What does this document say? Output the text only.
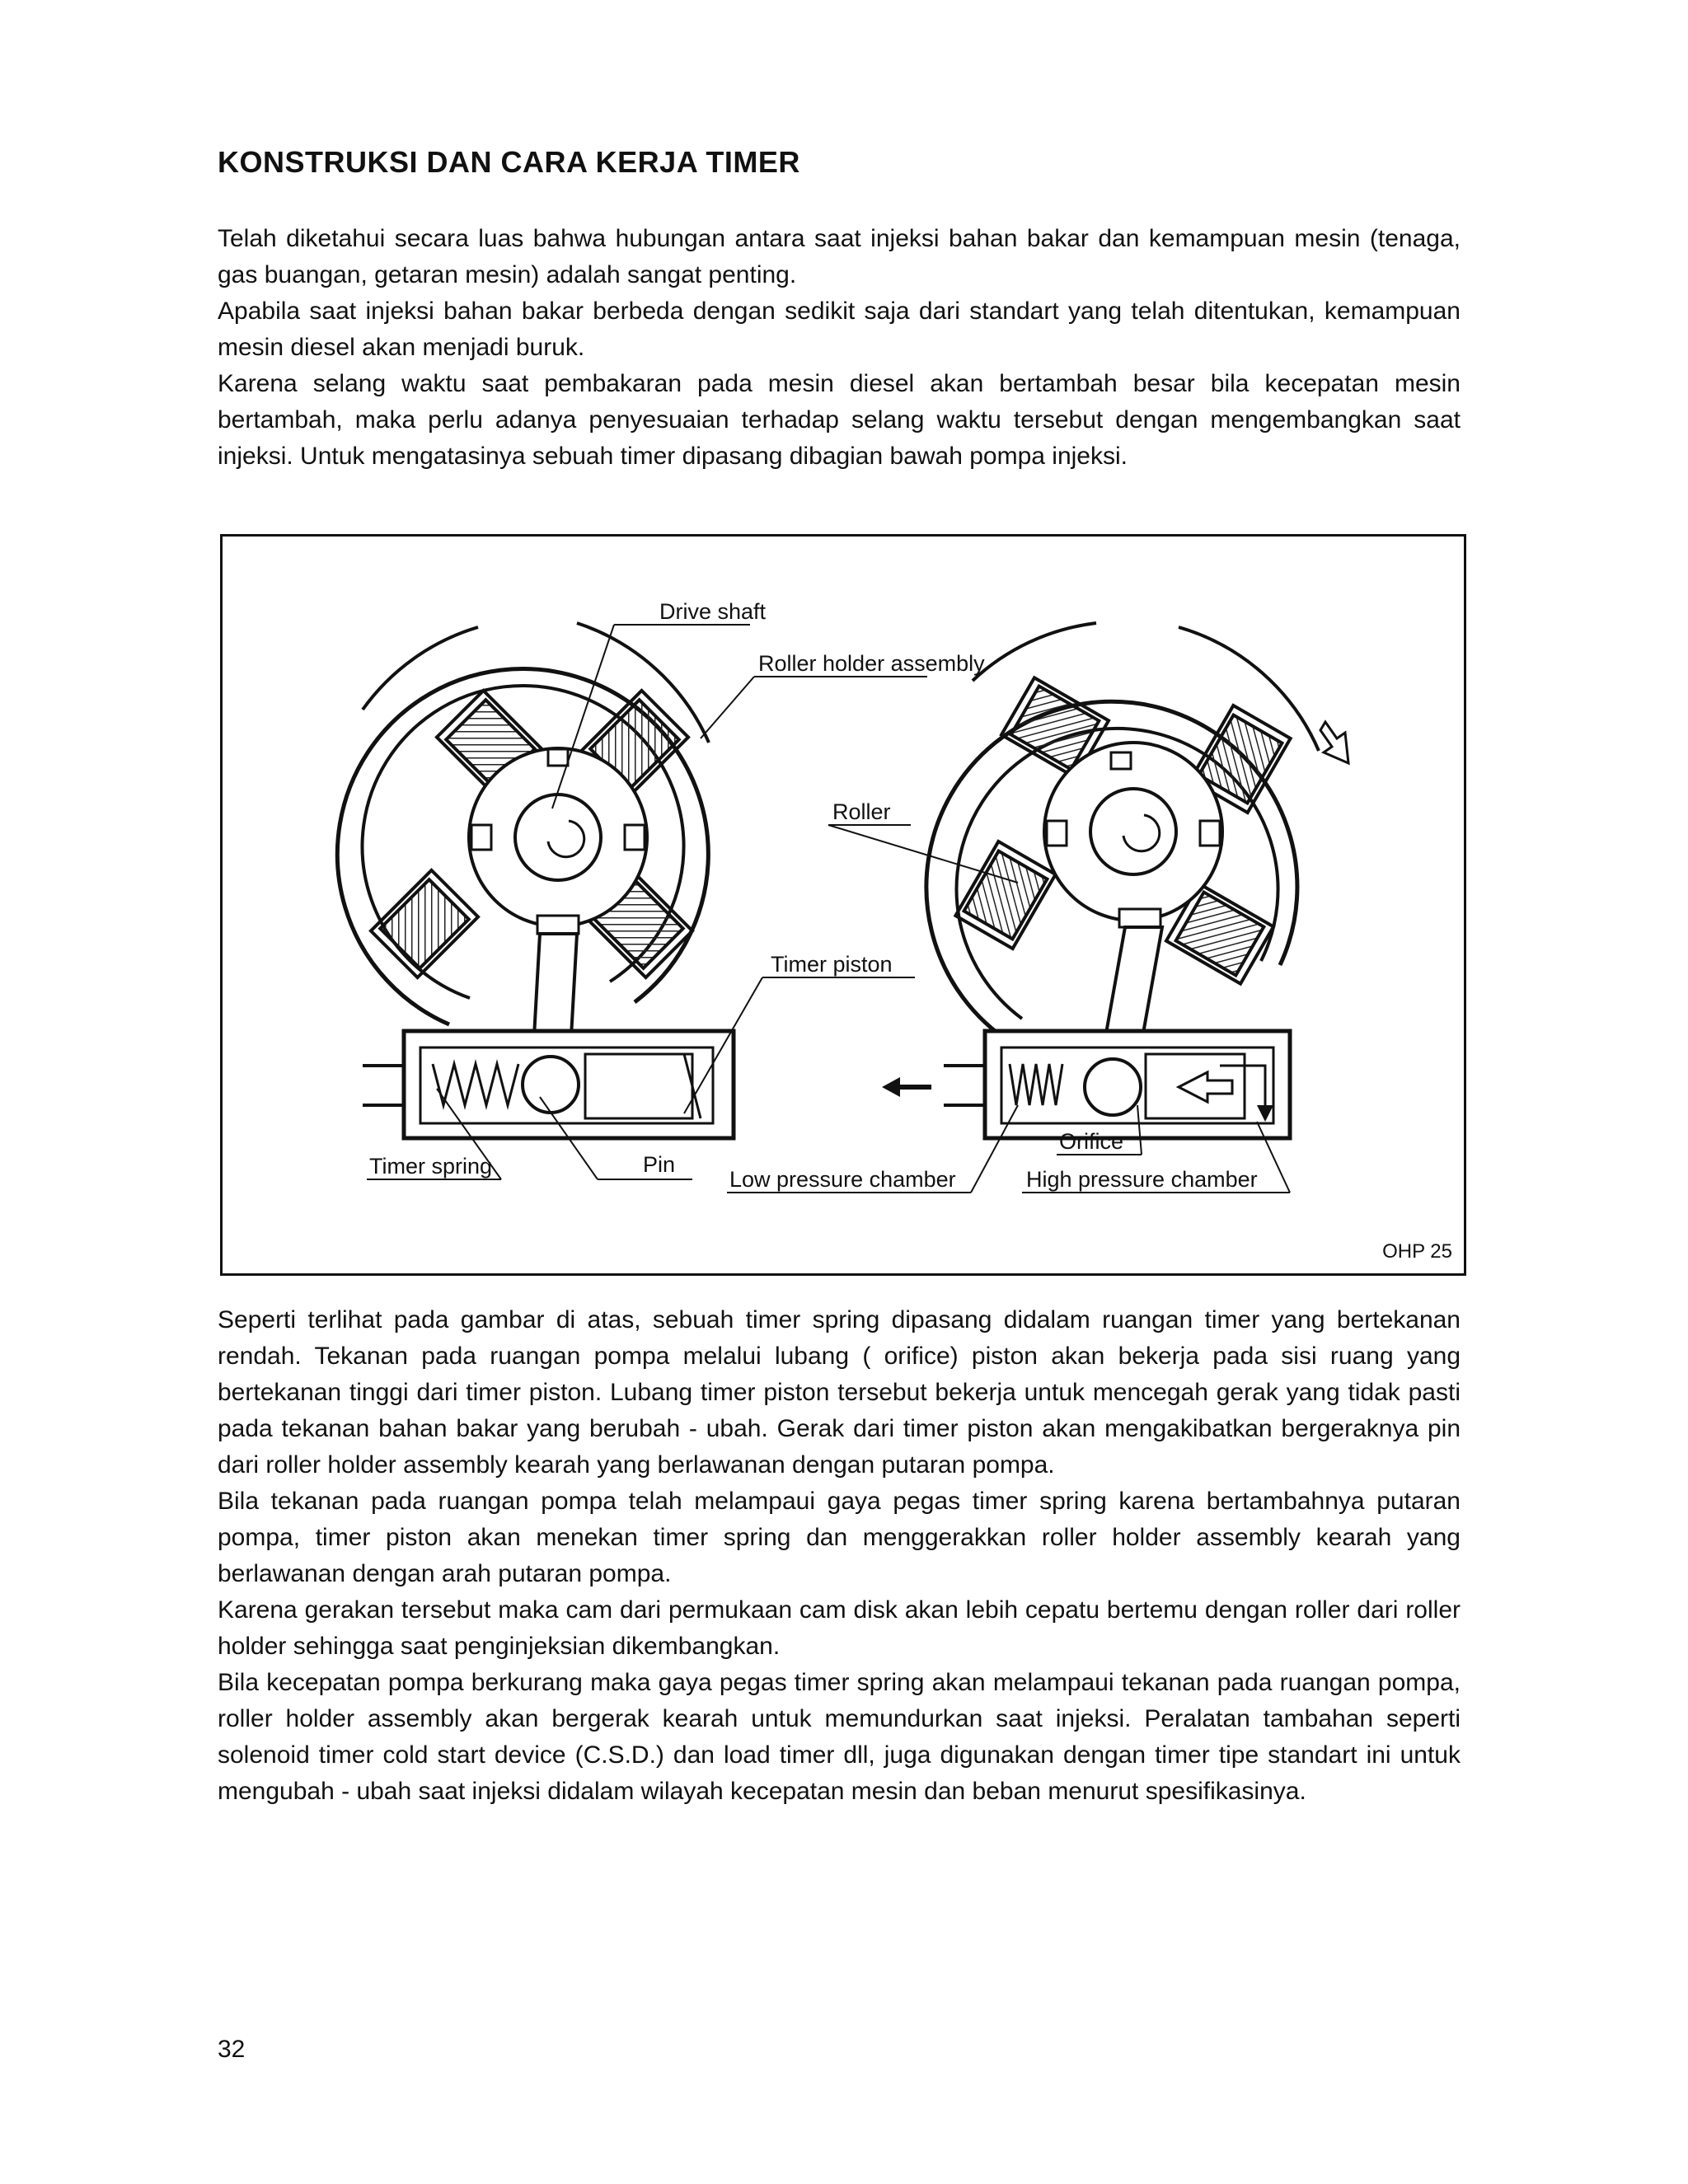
KONSTRUKSI DAN CARA KERJA TIMER

Telah diketahui secara luas bahwa hubungan antara saat injeksi bahan bakar dan kemampuan mesin (tenaga, gas buangan, getaran mesin) adalah sangat penting.

Apabila saat injeksi bahan bakar berbeda dengan sedikit saja dari standart yang telah ditentukan, kemampuan mesin diesel akan menjadi buruk.

Karena selang waktu saat pembakaran pada mesin diesel akan bertambah besar bila kecepatan mesin bertambah, maka perlu adanya penyesuaian terhadap selang waktu tersebut dengan mengembangkan saat injeksi. Untuk mengatasinya sebuah timer dipasang dibagian bawah pompa injeksi.

Drive shaft
Roller holder assembly
Roller
Timer piston
Timer spring	Pin
Low pressure chamber
Orifice
High pressure chamber
OHP 25

Seperti terlihat pada gambar di atas, sebuah timer spring dipasang didalam ruangan timer yang bertekanan rendah. Tekanan pada ruangan pompa melalui lubang ( orifice) piston akan bekerja pada sisi ruang yang bertekanan tinggi dari timer piston. Lubang timer piston tersebut bekerja untuk mencegah gerak yang tidak pasti pada tekanan bahan bakar yang berubah - ubah. Gerak dari timer piston akan mengakibatkan bergeraknya pin dari roller holder assembly kearah yang berlawanan dengan putaran pompa.

Bila tekanan pada ruangan pompa telah melampaui gaya pegas timer spring karena bertambahnya putaran pompa, timer piston akan menekan timer spring dan menggerakkan roller holder assembly kearah yang berlawanan dengan arah putaran pompa.

Karena gerakan tersebut maka cam dari permukaan cam disk akan lebih cepatu bertemu dengan roller dari roller holder sehingga saat penginjeksian dikembangkan.

Bila kecepatan pompa berkurang maka gaya pegas timer spring akan melampaui tekanan pada ruangan pompa, roller holder assembly akan bergerak kearah untuk memundurkan saat injeksi. Peralatan tambahan seperti solenoid timer cold start device (C.S.D.) dan load timer dll, juga digunakan dengan timer tipe standart ini untuk mengubah - ubah saat injeksi didalam wilayah kecepatan mesin dan beban menurut spesifikasinya.

32
